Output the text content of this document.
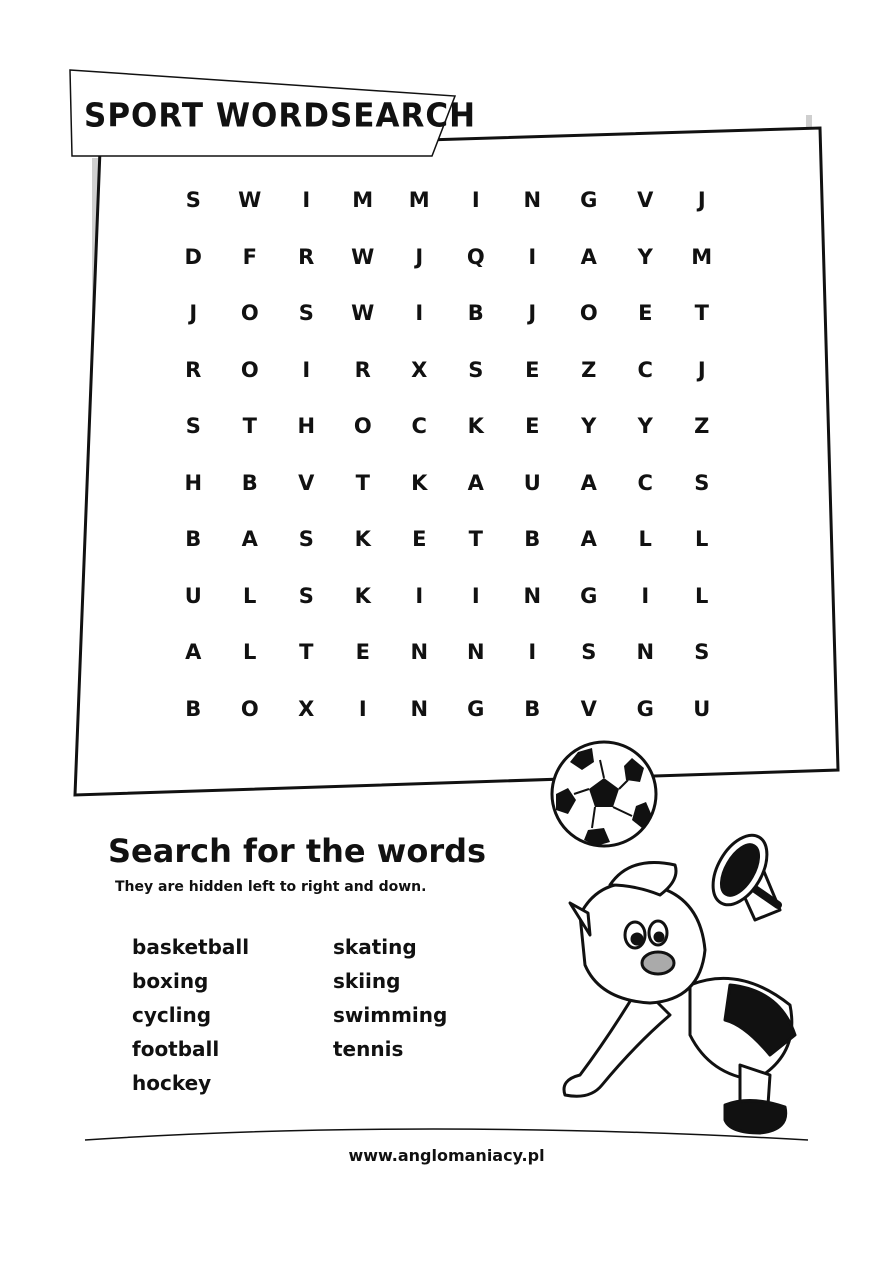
SPORT WORDSEARCH
S	W	I	M	M	I	N	G	V	J
D	F	R	W	J	Q	I	A	Y	M
J	O	S	W	I	B	J	O	E	T
R	O	I	R	X	S	E	Z	C	J
S	T	H	O	C	K	E	Y	Y	Z
H	B	V	T	K	A	U	A	C	S
B	A	S	K	E	T	B	A	L	L
U	L	S	K	I	I	N	G	I	L
A	L	T	E	N	N	I	S	N	S
B	O	X	I	N	G	B	V	G	U
Search for the words
They are hidden left to right and down.
basketball
boxing
cycling
football
hockey
skating
skiing
swimming
tennis
www.anglomaniacy.pl
